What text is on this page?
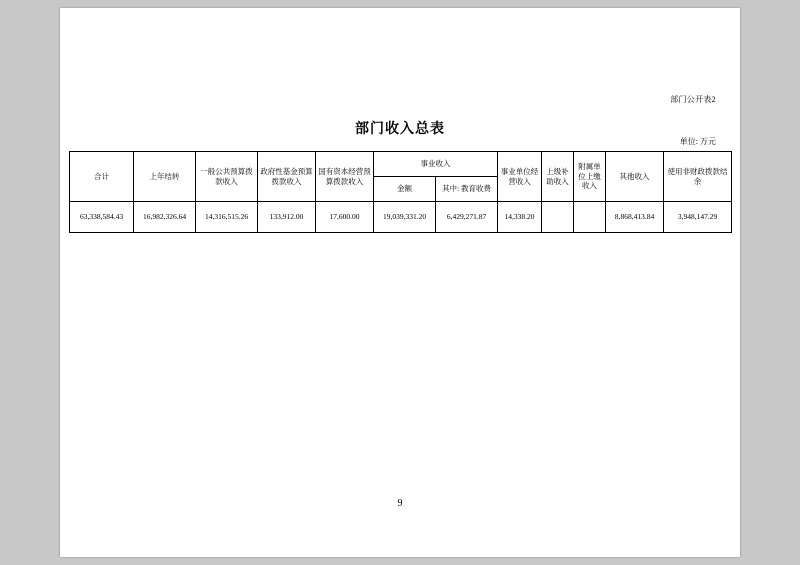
部门公开表2
部门收入总表
单位: 万元
合计	上年结转	一般公共预算拨款收入	政府性基金预算拨款收入	国有资本经营预算拨款收入	事业收入		事业单位经营收入	上级补助收入	附属单位上缴收入	其他收入	使用非财政拨款结余
					金额	其中: 教育收费					
63,338,584.43	16,982,326.64	14,316,515.26	133,912.00	17,600.00	19,039,331.20	6,429,271.87	14,338.20			8,868,413.84	3,948,147.29
9
